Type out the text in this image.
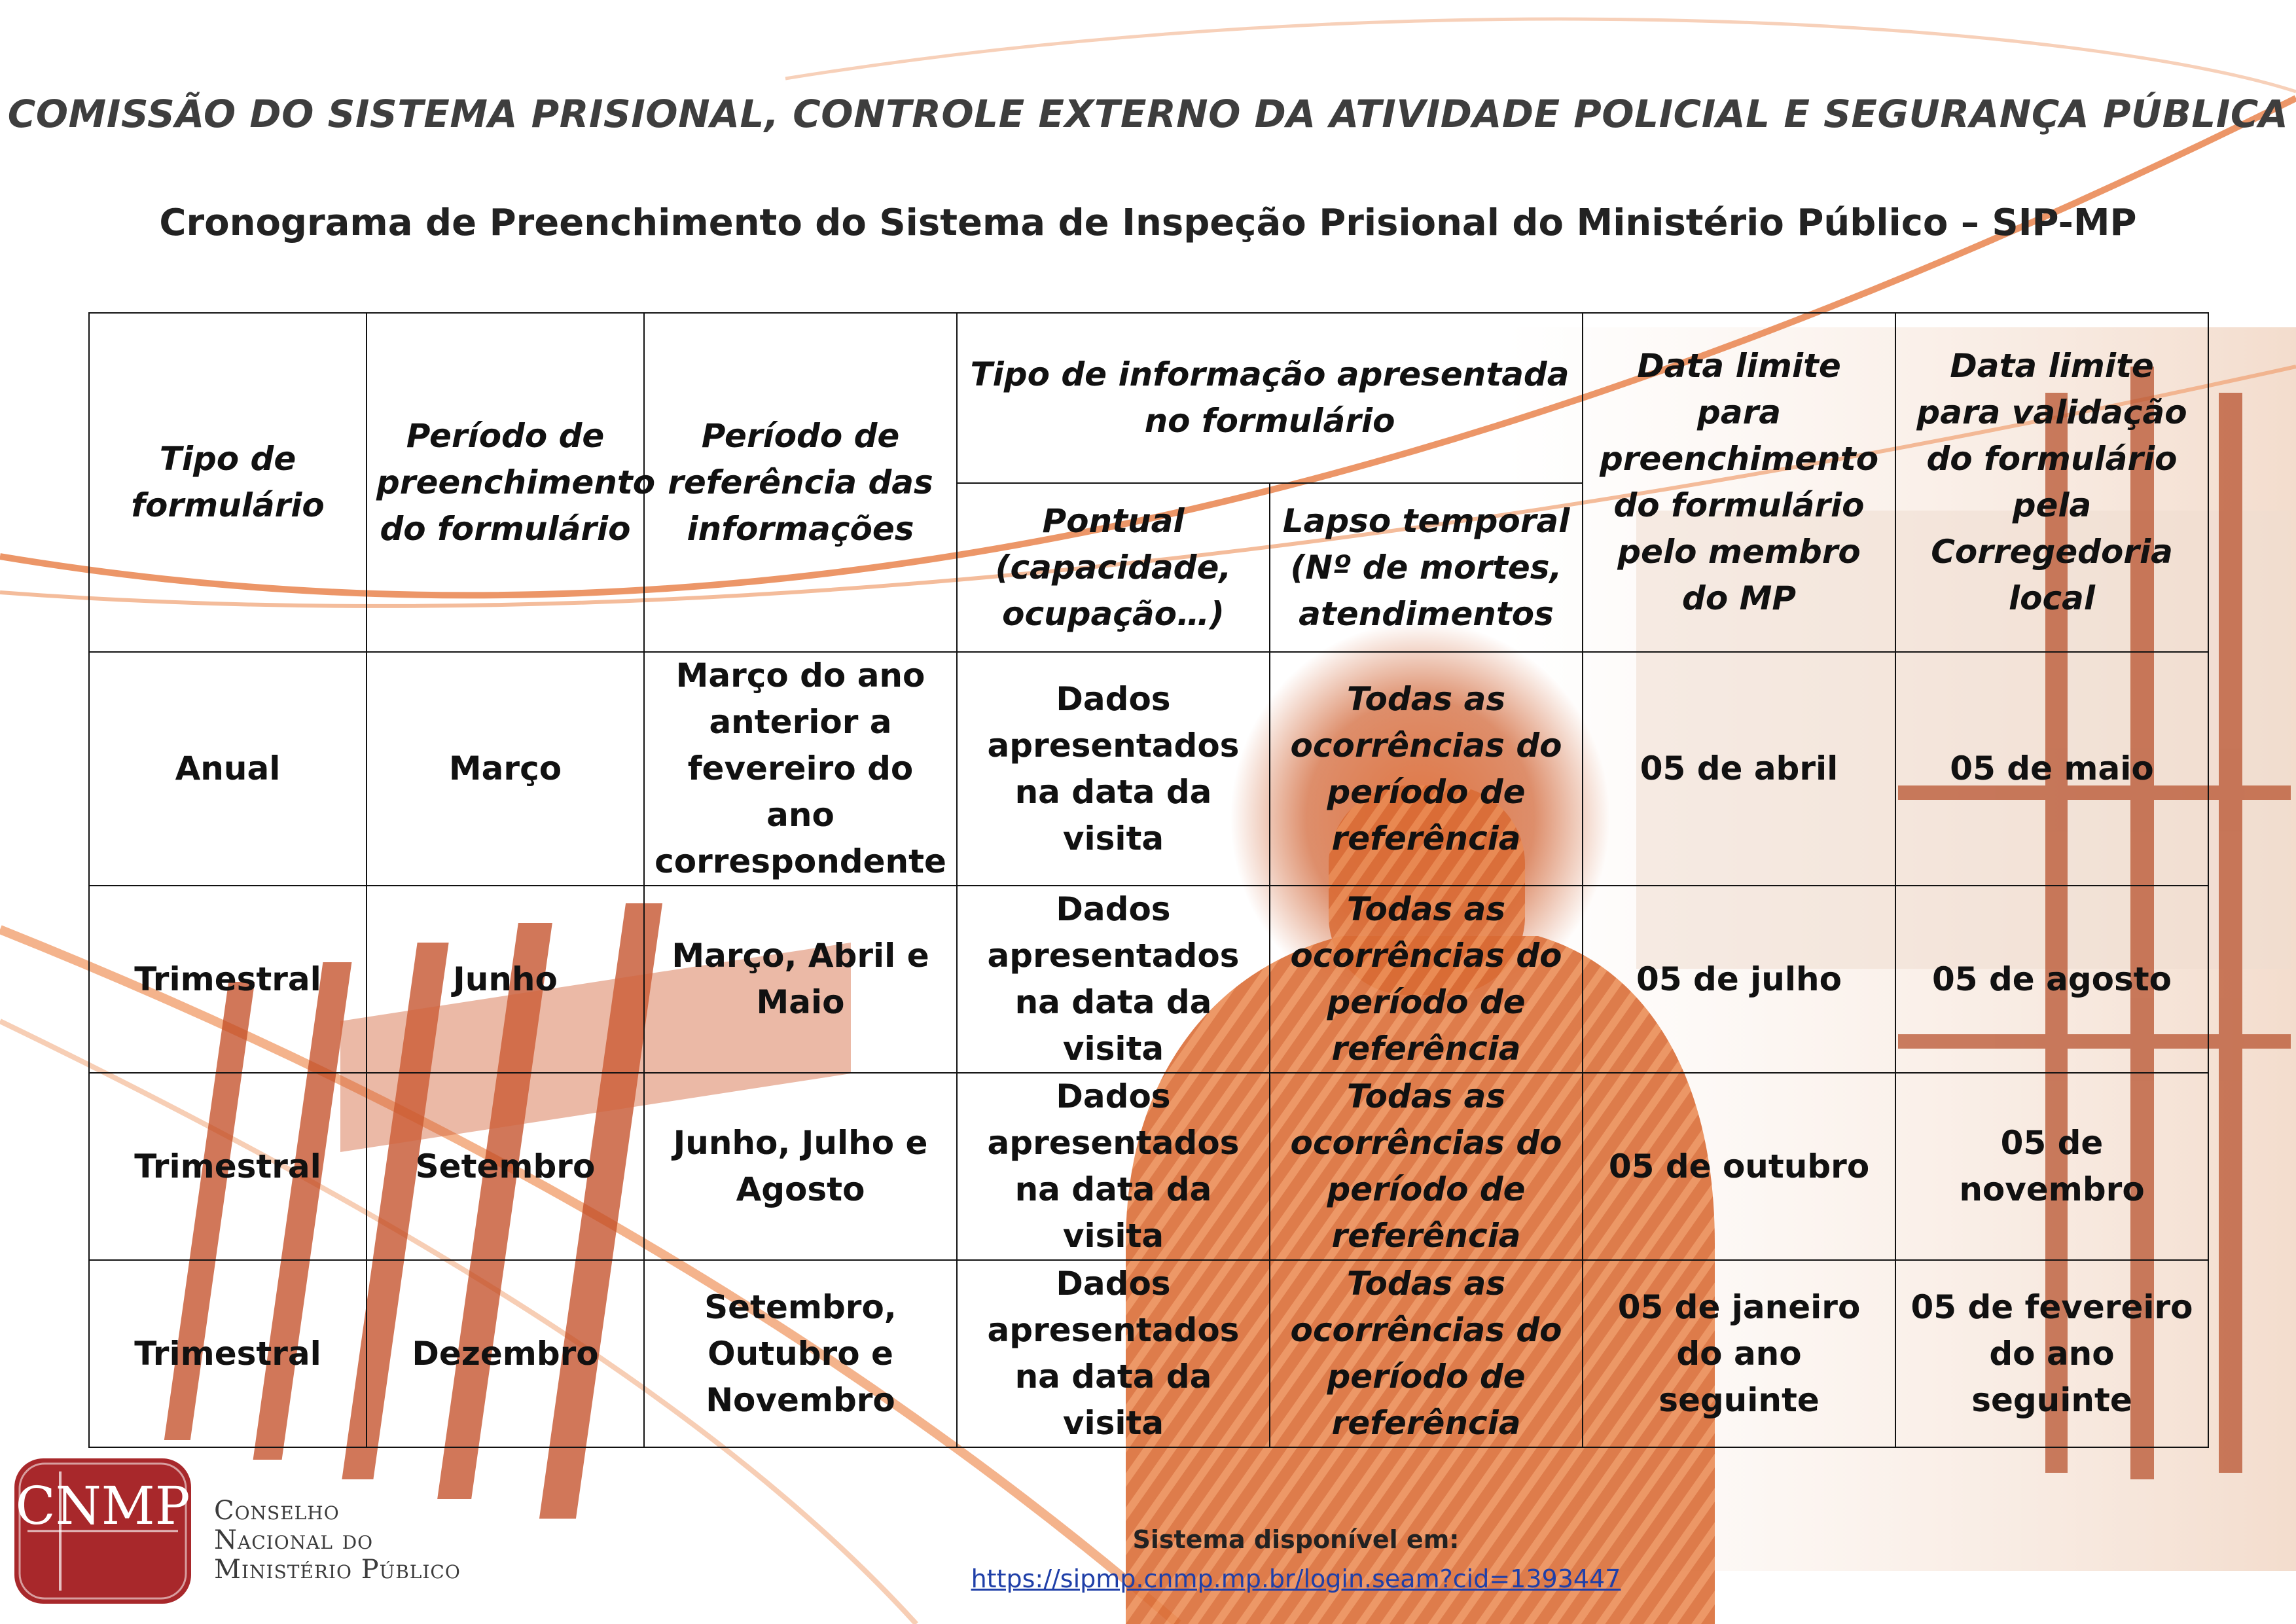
COMISSÃO DO SISTEMA PRISIONAL, CONTROLE EXTERNO DA ATIVIDADE POLICIAL E SEGURANÇA PÚBLICA
Cronograma de Preenchimento do Sistema de Inspeção Prisional do Ministério Público – SIP-MP
Tipo de formulário	Período de preenchimento do formulário	Período de referência das informações	Tipo de informação apresentada no formulário		Data limite para preenchimento do formulário pelo membro do MP	Data limite para validação do formulário pela Corregedoria local
			Pontual (capacidade, ocupação…)	Lapso temporal (Nº de mortes, atendimentos		
Anual	Março	Março do ano anterior a fevereiro do ano correspondente	Dados apresentados na data da visita	Todas as ocorrências do período de referência	05 de abril	05 de maio
Trimestral	Junho	Março, Abril e Maio	Dados apresentados na data da visita	Todas as ocorrências do período de referência	05 de julho	05 de agosto
Trimestral	Setembro	Junho, Julho e Agosto	Dados apresentados na data da visita	Todas as ocorrências do período de referência	05 de outubro	05 de novembro
Trimestral	Dezembro	Setembro, Outubro e Novembro	Dados apresentados na data da visita	Todas as ocorrências do período de referência	05 de janeiro do ano seguinte	05 de fevereiro do ano seguinte
Sistema disponível em:
https://sipmp.cnmp.mp.br/login.seam?cid=1393447
CNMP Conselho
Nacional do
Ministério Público
